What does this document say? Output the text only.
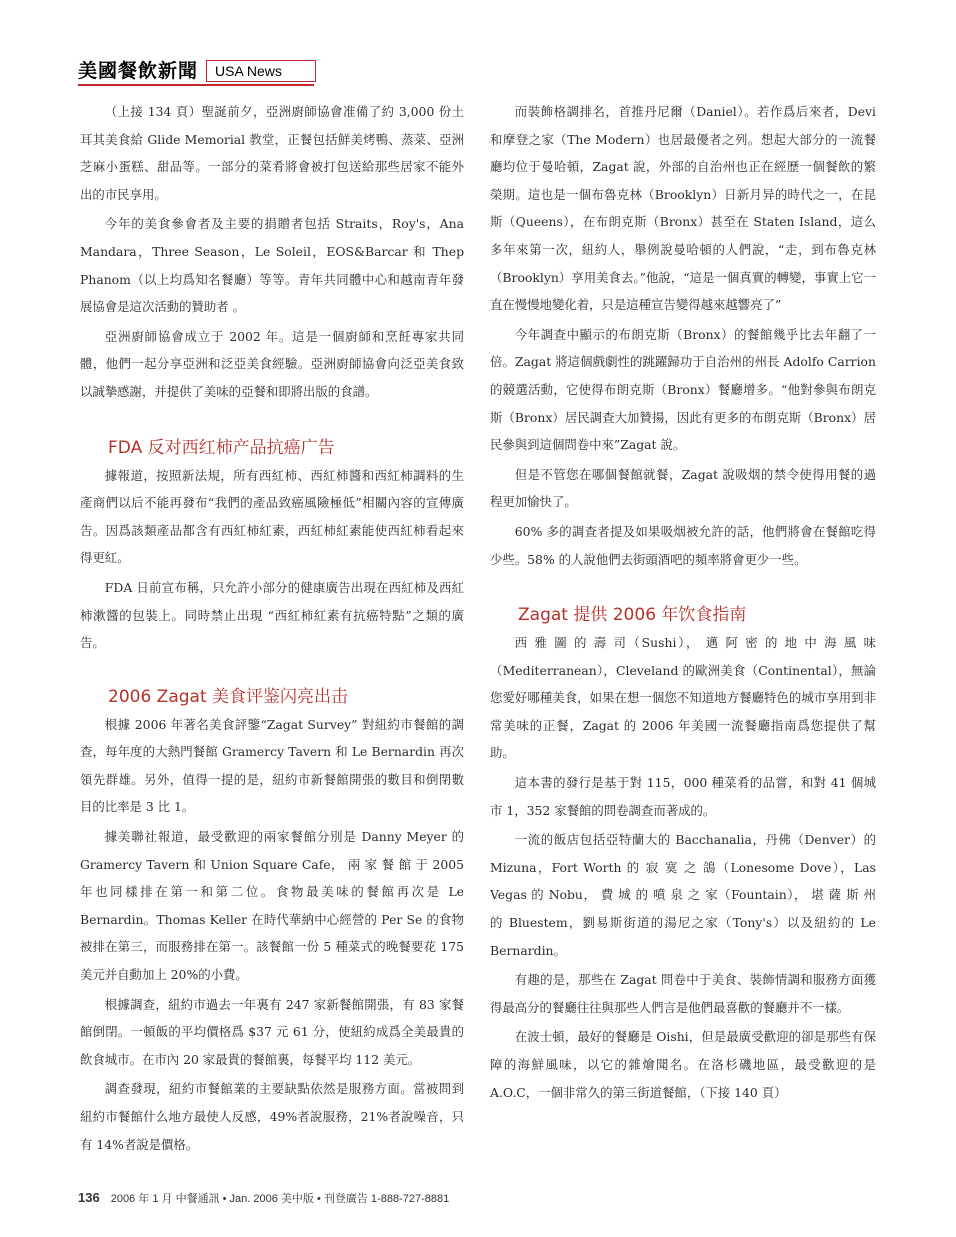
美國餐飲新聞	USA News

（上接 134 頁）聖誕前夕，亞洲廚師協會准備了約 3,000 份土耳其美食給 Glide Memorial 教堂，正餐包括鮮美烤鴨、蒸菜、亞洲芝麻小蛋糕、甜品等。一部分的菜肴將會被打包送給那些居家不能外出的市民享用。

今年的美食參會者及主要的捐贈者包括 Straits，Roy's，Ana Mandara，Three Season，Le Soleil，EOS&Barcar 和 Thep Phanom（以上均爲知名餐廳）等等。青年共同體中心和越南青年發展協會是這次活動的贊助者 。

亞洲廚師協會成立于 2002 年。這是一個廚師和烹飪專家共同體，他們一起分享亞洲和泛亞美食經驗。亞洲廚師協會向泛亞美食致以誠摯感謝，并提供了美味的亞餐和即將出版的食譜。

FDA 反对西红柿产品抗癌广告

據報道，按照新法規，所有西紅柿、西紅柿醬和西紅柿調料的生產商們以后不能再發布“我們的產品致癌風險極低”相關內容的宣傳廣告。因爲該類產品都含有西紅柿紅素，西紅柿紅素能使西紅柿看起來得更紅。

FDA 日前宣布稱，只允許小部分的健康廣告出現在西紅柿及西紅柿漱醬的包裝上。同時禁止出現 “西紅柿紅素有抗癌特點”之類的廣告。

2006 Zagat 美食评鉴闪亮出击

根據 2006 年著名美食評鑒“Zagat Survey” 對紐約市餐館的調查，每年度的大熱門餐館 Gramercy Tavern 和 Le Bernardin 再次領先群雄。另外，值得一提的是，紐約市新餐館開張的數目和倒閉數目的比率是 3 比 1。

據美聯社報道，最受歡迎的兩家餐館分別是 Danny Meyer 的 Gramercy Tavern 和 Union Square Cafe， 兩 家 餐 館 于 2005 年也同樣排在第一和第二位。食物最美味的餐館再次是 Le Bernardin。Thomas Keller 在時代華納中心經營的 Per Se 的食物被排在第三，而服務排在第一。該餐館一份 5 種菜式的晚餐要花 175 美元并自動加上 20%的小費。

根據調查，紐約市過去一年裏有 247 家新餐館開張，有 83 家餐館倒閉。一頓飯的平均價格爲 $37 元 61 分，使紐約成爲全美最貴的飲食城市。在市內 20 家最貴的餐館裏，每餐平均 112 美元。

調查發現，紐約市餐館業的主要缺點依然是服務方面。當被問到紐約市餐館什么地方最使人反感，49%者說服務，21%者說噪音，只有 14%者說是價格。

而裝飾格調排名，首推丹尼爾（Daniel）。若作爲后來者，Devi 和摩登之家（The Modern）也居最優者之列。想起大部分的一流餐廳均位于曼哈頓，Zagat 說，外部的自治州也正在經歷一個餐飲的繁榮期。這也是一個布魯克林（Brooklyn）日新月异的時代之一，在昆斯（Queens），在布朗克斯（Bronx）甚至在 Staten Island，這么多年來第一次，紐約人，舉例說曼哈頓的人們說，“走，到布魯克林（Brooklyn）享用美食去。”他說，“這是一個真實的轉變，事實上它一直在慢慢地變化着，只是這種宣告變得越來越響亮了”

今年調查中顯示的布朗克斯（Bronx）的餐館幾乎比去年翻了一倍。Zagat 將這個戲劇性的跳躍歸功于自治州的州長 Adolfo Carrion的競選活動，它使得布朗克斯（Bronx）餐廳增多。“他對參與布朗克斯（Bronx）居民調查大加贊揚，因此有更多的布朗克斯（Bronx）居民參與到這個問卷中來”Zagat 說。

但是不管您在哪個餐館就餐，Zagat 說吸烟的禁令使得用餐的過程更加愉快了。

60% 多的調查者提及如果吸烟被允許的話，他們將會在餐館吃得少些。58% 的人說他們去街頭酒吧的頻率將會更少一些。

Zagat 提供 2006 年饮食指南

西 雅 圖 的 壽 司（Sushi）， 邁 阿 密 的 地 中 海 風 味（Mediterranean），Cleveland 的歐洲美食（Continental），無論您愛好哪種美食，如果在想一個您不知道地方餐廳特色的城市享用到非常美味的正餐，Zagat 的 2006 年美國一流餐廳指南爲您提供了幫助。

這本書的發行是基于對 115，000 種菜肴的品嘗，和對 41 個城市 1，352 家餐館的問卷調查而著成的。

一流的飯店包括亞特蘭大的 Bacchanalia，丹佛（Denver）的 Mizuna，Fort Worth 的 寂 寞 之 鴿（Lonesome Dove），Las Vegas 的 Nobu， 費 城 的 噴 泉 之 家（Fountain）， 堪 薩 斯 州 的 Bluestem，劉易斯街道的湯尼之家（Tony's）以及紐約的 Le Bernardin。

有趣的是，那些在 Zagat 問卷中于美食、裝飾情調和服務方面獲得最高分的餐廳往往與那些人們言是他們最喜歡的餐廳并不一樣。

在波士頓，最好的餐廳是 Oishi，但是最廣受歡迎的卻是那些有保障的海鮮風味，以它的雜燴聞名。在洛杉磯地區，最受歡迎的是 A.O.C，一個非常久的第三街道餐館，（下接 140 頁）

136 2006 年 1 月 中餐通訊 • Jan. 2006 美中版 • 刊登廣告 1-888-727-8881
